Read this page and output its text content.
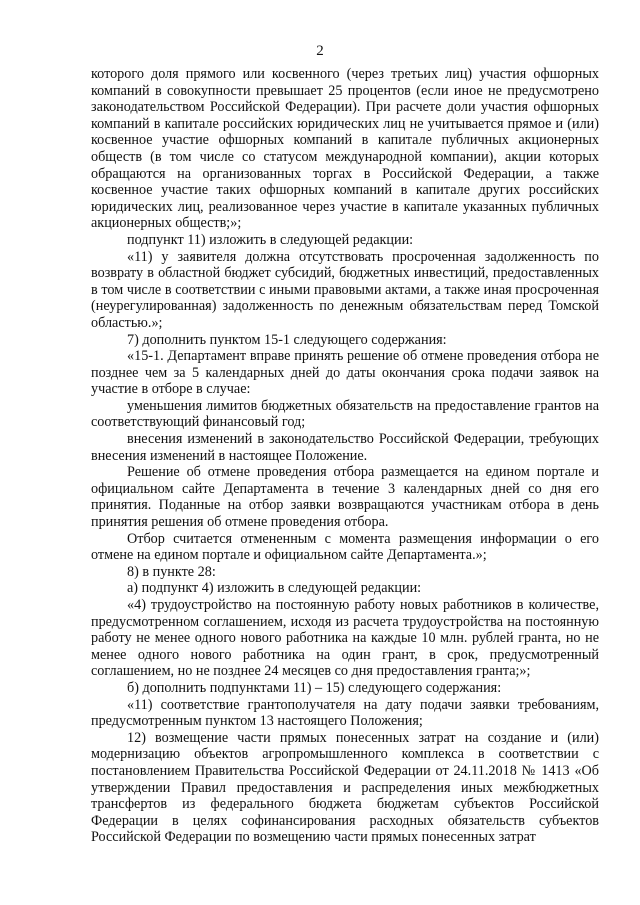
2

которого доля прямого или косвенного (через третьих лиц) участия офшорных компаний в совокупности превышает 25 процентов (если иное не предусмотрено законодательством Российской Федерации). При расчете доли участия офшорных компаний в капитале российских юридических лиц не учитывается прямое и (или) косвенное участие офшорных компаний в капитале публичных акционерных обществ (в том числе со статусом международной компании), акции которых обращаются на организованных торгах в Российской Федерации, а также косвенное участие таких офшорных компаний в капитале других российских юридических лиц, реализованное через участие в капитале указанных публичных акционерных обществ;»;

подпункт 11) изложить в следующей редакции:

«11) у заявителя должна отсутствовать просроченная задолженность по возврату в областной бюджет субсидий, бюджетных инвестиций, предоставленных в том числе в соответствии с иными правовыми актами, а также иная просроченная (неурегулированная) задолженность по денежным обязательствам перед Томской областью.»;

7) дополнить пунктом 15-1 следующего содержания:

«15-1. Департамент вправе принять решение об отмене проведения отбора не позднее чем за 5 календарных дней до даты окончания срока подачи заявок на участие в отборе в случае:

уменьшения лимитов бюджетных обязательств на предоставление грантов на соответствующий финансовый год;

внесения изменений в законодательство Российской Федерации, требующих внесения изменений в настоящее Положение.

Решение об отмене проведения отбора размещается на едином портале и официальном сайте Департамента в течение 3 календарных дней со дня его принятия. Поданные на отбор заявки возвращаются участникам отбора в день принятия решения об отмене проведения отбора.

Отбор считается отмененным с момента размещения информации о его отмене на едином портале и официальном сайте Департамента.»;

8) в пункте 28:

а) подпункт 4) изложить в следующей редакции:

«4) трудоустройство на постоянную работу новых работников в количестве, предусмотренном соглашением, исходя из расчета трудоустройства на постоянную работу не менее одного нового работника на каждые 10 млн. рублей гранта, но не менее одного нового работника на один грант, в срок, предусмотренный соглашением, но не позднее 24 месяцев со дня предоставления гранта;»;

б) дополнить подпунктами 11) – 15) следующего содержания:

«11) соответствие грантополучателя на дату подачи заявки требованиям, предусмотренным пунктом 13 настоящего Положения;

12) возмещение части прямых понесенных затрат на создание и (или) модернизацию объектов агропромышленного комплекса в соответствии с постановлением Правительства Российской Федерации от 24.11.2018 № 1413 «Об утверждении Правил предоставления и распределения иных межбюджетных трансфертов из федерального бюджета бюджетам субъектов Российской Федерации в целях софинансирования расходных обязательств субъектов Российской Федерации по возмещению части прямых понесенных затрат
